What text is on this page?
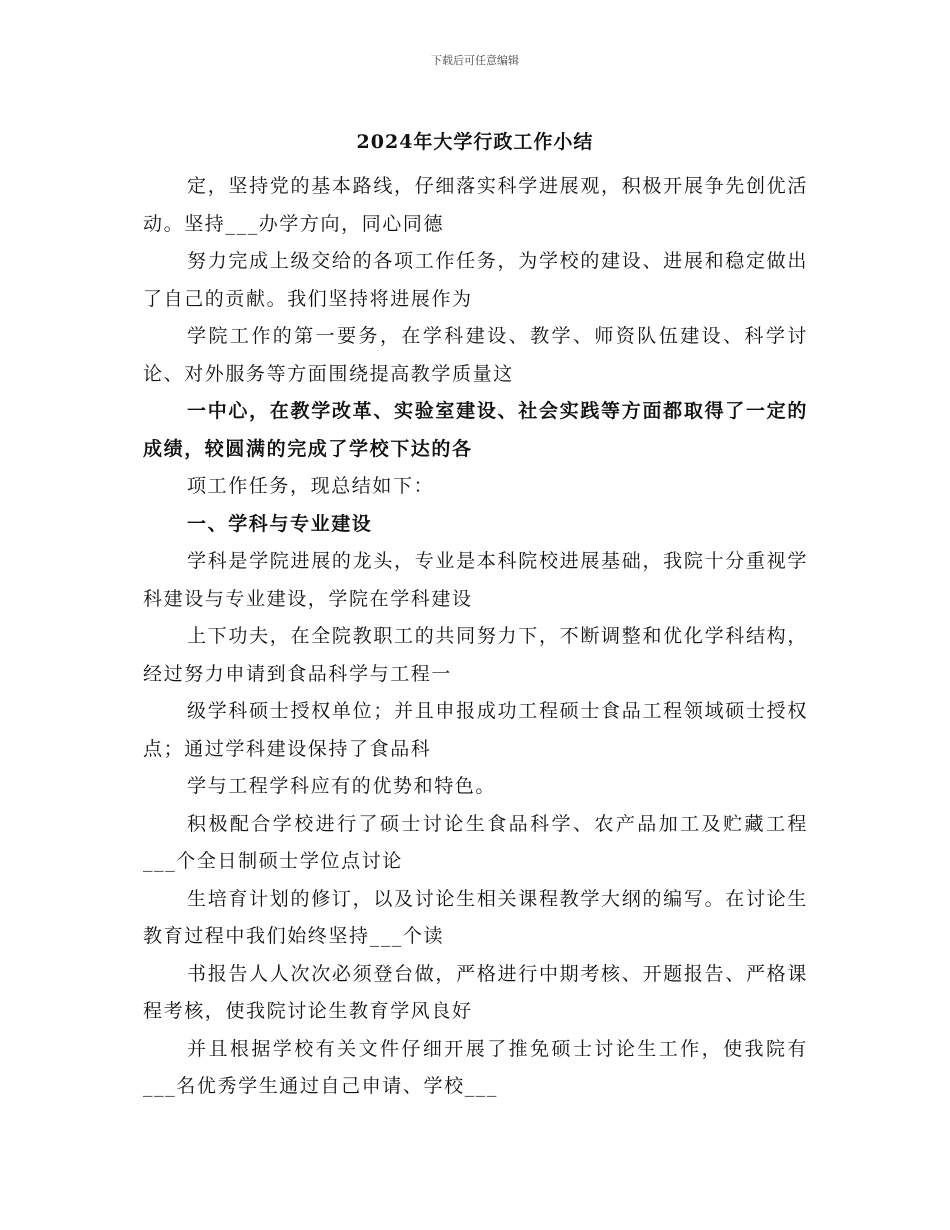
下载后可任意编辑
2024年大学行政工作小结

定，坚持党的基本路线，仔细落实科学进展观，积极开展争先创优活动。坚持___办学方向，同心同德

努力完成上级交给的各项工作任务，为学校的建设、进展和稳定做出了自己的贡献。我们坚持将进展作为

学院工作的第一要务，在学科建设、教学、师资队伍建设、科学讨论、对外服务等方面围绕提高教学质量这

一中心，在教学改革、实验室建设、社会实践等方面都取得了一定的成绩，较圆满的完成了学校下达的各

项工作任务，现总结如下：

一、学科与专业建设

学科是学院进展的龙头，专业是本科院校进展基础，我院十分重视学科建设与专业建设，学院在学科建设

上下功夫，在全院教职工的共同努力下，不断调整和优化学科结构，经过努力申请到食品科学与工程一

级学科硕士授权单位；并且申报成功工程硕士食品工程领域硕士授权点；通过学科建设保持了食品科

学与工程学科应有的优势和特色。

积极配合学校进行了硕士讨论生食品科学、农产品加工及贮藏工程___个全日制硕士学位点讨论

生培育计划的修订，以及讨论生相关课程教学大纲的编写。在讨论生教育过程中我们始终坚持___个读

书报告人人次次必须登台做，严格进行中期考核、开题报告、严格课程考核，使我院讨论生教育学风良好

并且根据学校有关文件仔细开展了推免硕士讨论生工作，使我院有___名优秀学生通过自己申请、学校___
